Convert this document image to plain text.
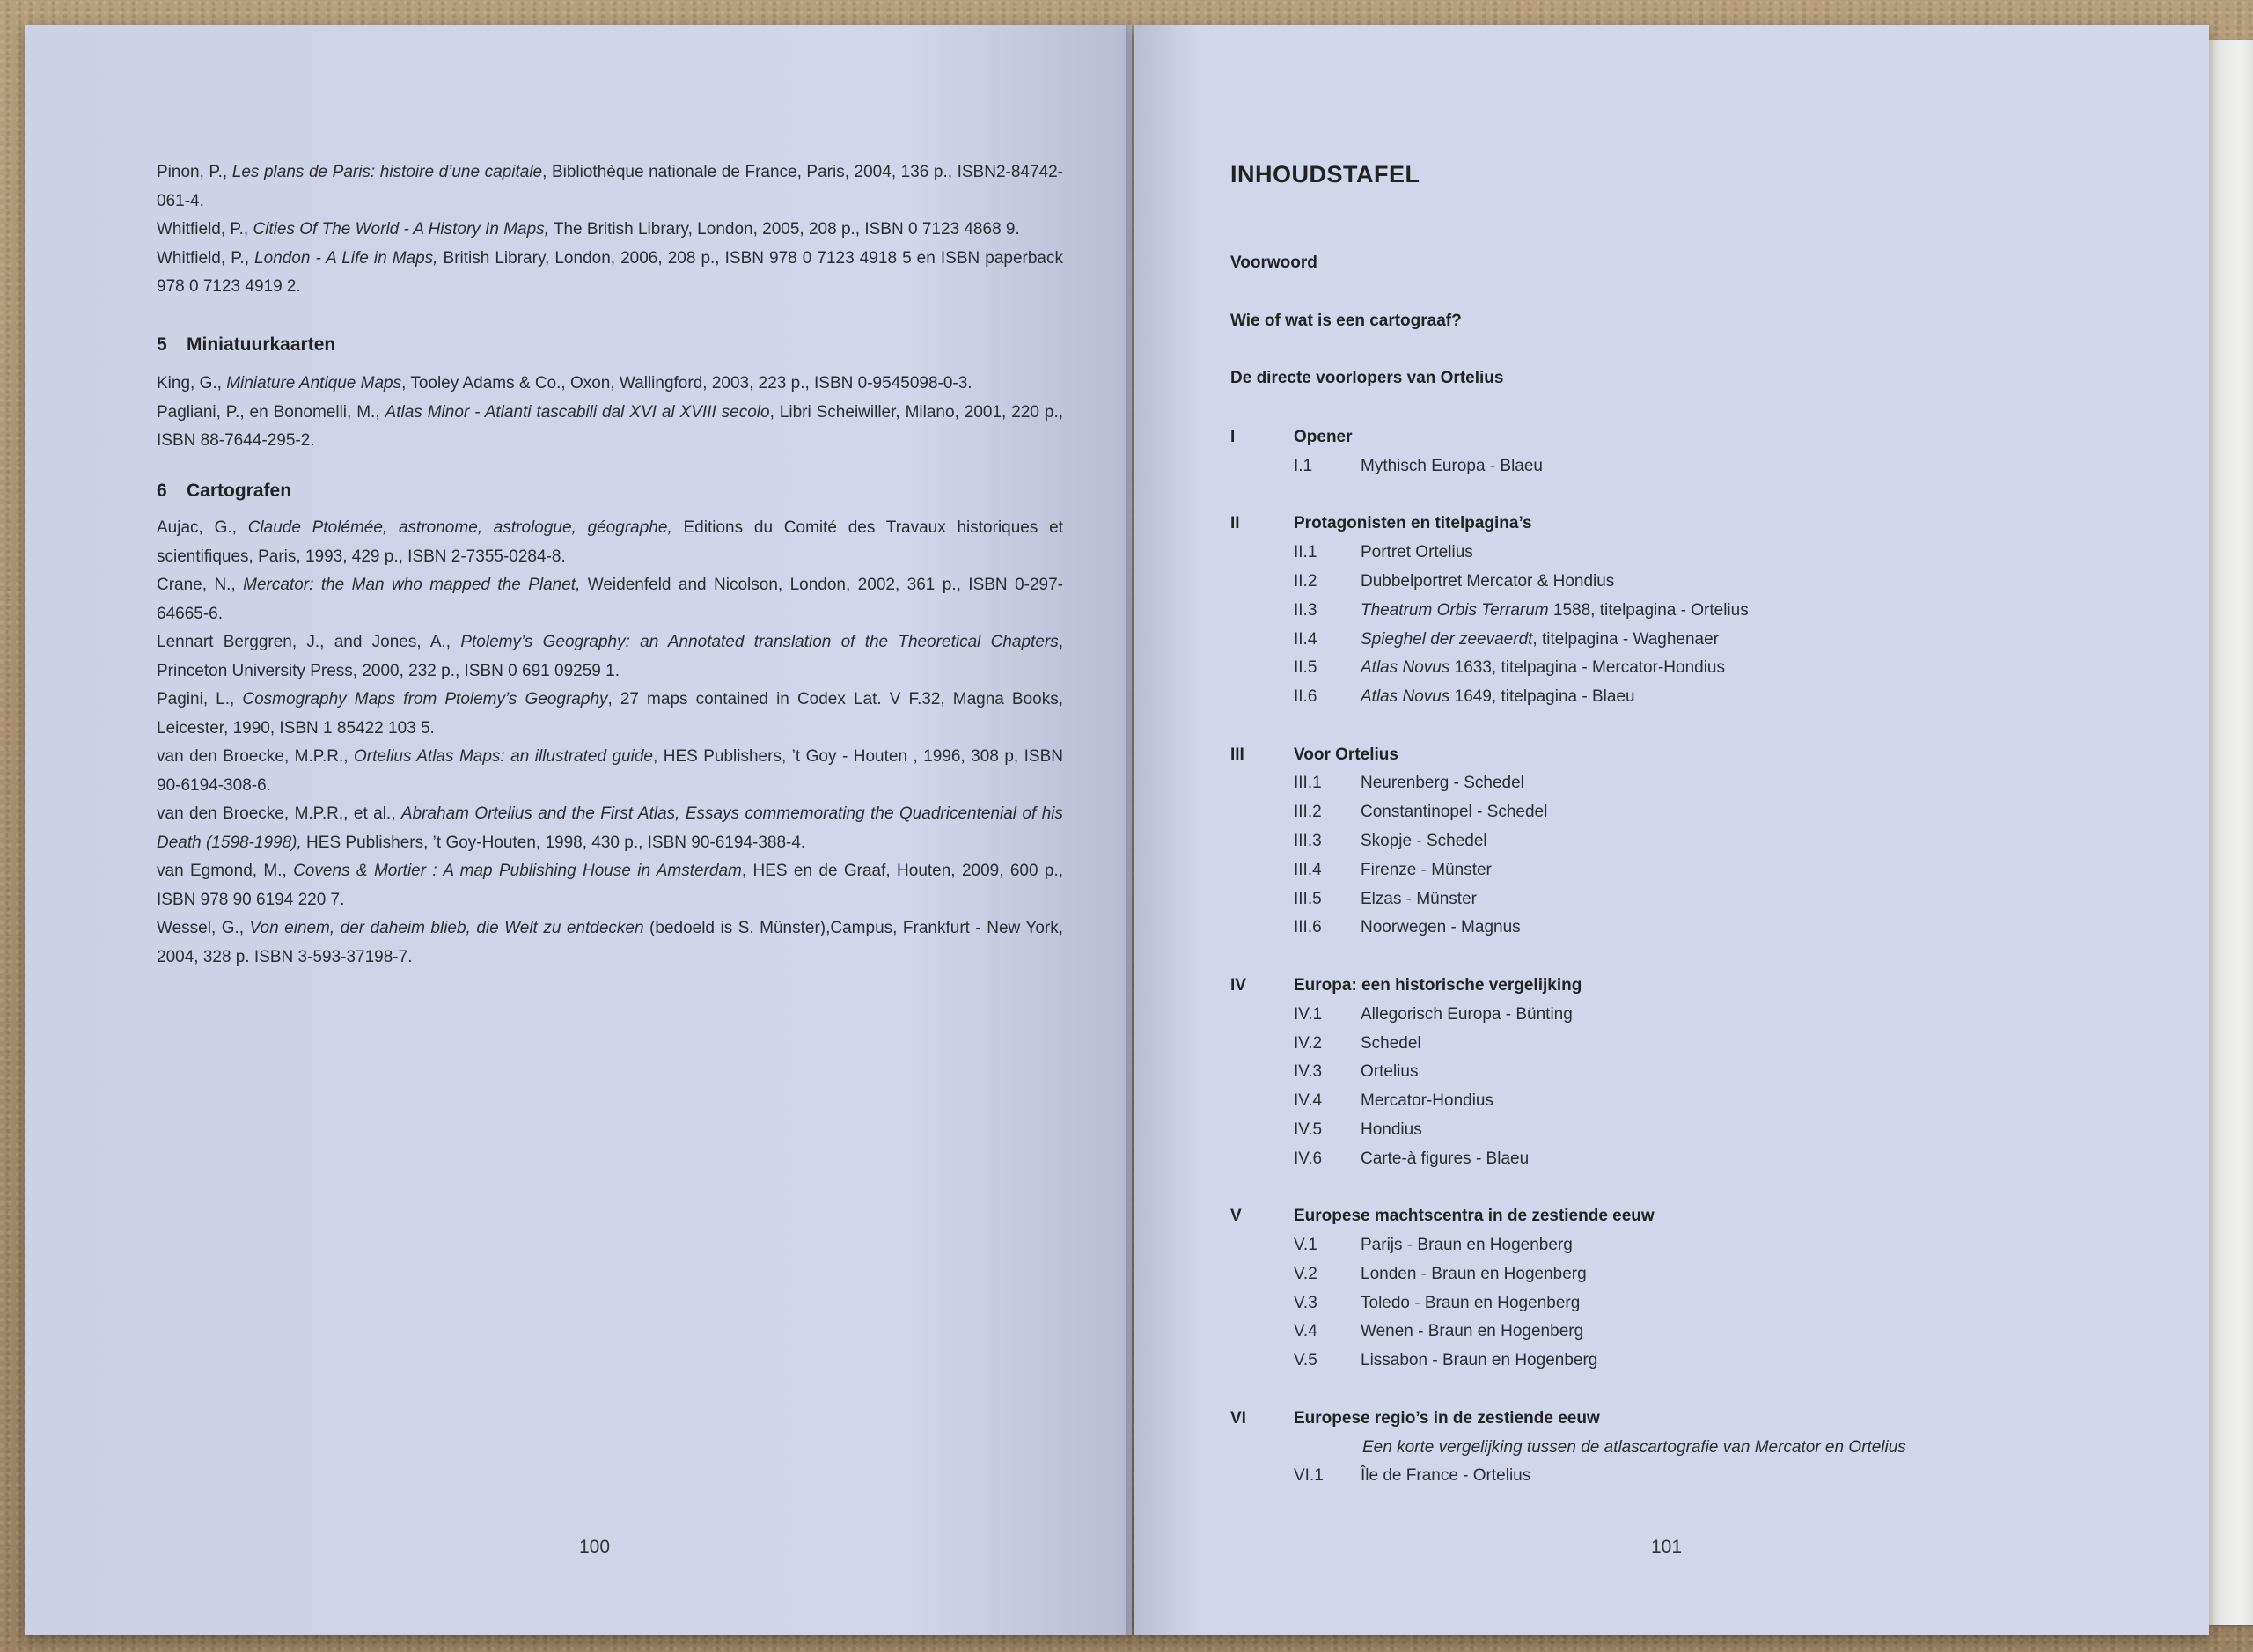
Pinon, P., Les plans de Paris: histoire d’une capitale, Bibliothèque nationale de France, Paris, 2004, 136 p., ISBN2-84742-061-4.

Whitfield, P., Cities Of The World - A History In Maps, The British Library, London, 2005, 208 p., ISBN 0 7123 4868 9.

Whitfield, P., London - A Life in Maps, British Library, London, 2006, 208 p., ISBN 978 0 7123 4918 5 en ISBN paperback 978 0 7123 4919 2.

5 Miniatuurkaarten

King, G., Miniature Antique Maps, Tooley Adams & Co., Oxon, Wallingford, 2003, 223 p., ISBN 0-9545098-0-3.

Pagliani, P., en Bonomelli, M., Atlas Minor - Atlanti tascabili dal XVI al XVIII secolo, Libri Scheiwiller, Milano, 2001, 220 p., ISBN 88-7644-295-2.

6 Cartografen

Aujac, G., Claude Ptolémée, astronome, astrologue, géographe, Editions du Comité des Travaux historiques et scientifiques, Paris, 1993, 429 p., ISBN 2-7355-0284-8.

Crane, N., Mercator: the Man who mapped the Planet, Weidenfeld and Nicolson, London, 2002, 361 p., ISBN 0-297-64665-6.

Lennart Berggren, J., and Jones, A., Ptolemy’s Geography: an Annotated translation of the Theoretical Chapters, Princeton University Press, 2000, 232 p., ISBN 0 691 09259 1.

Pagini, L., Cosmography Maps from Ptolemy’s Geography, 27 maps contained in Codex Lat. V F.32, Magna Books, Leicester, 1990, ISBN 1 85422 103 5.

van den Broecke, M.P.R., Ortelius Atlas Maps: an illustrated guide, HES Publishers, ’t Goy - Houten , 1996, 308 p, ISBN 90-6194-308-6.

van den Broecke, M.P.R., et al., Abraham Ortelius and the First Atlas, Essays commemorating the Quadricentenial of his Death (1598-1998), HES Publishers, ’t Goy-Houten, 1998, 430 p., ISBN 90-6194-388-4.

van Egmond, M., Covens & Mortier : A map Publishing House in Amsterdam, HES en de Graaf, Houten, 2009, 600 p., ISBN 978 90 6194 220 7.

Wessel, G., Von einem, der daheim blieb, die Welt zu entdecken (bedoeld is S. Münster),Campus, Frankfurt - New York, 2004, 328 p. ISBN 3-593-37198-7.

100
INHOUDSTAFEL
Voorwoord
Wie of wat is een cartograaf?
De directe voorlopers van Ortelius
I	Opener
I.1	Mythisch Europa - Blaeu
II	Protagonisten en titelpagina’s
II.1	Portret Ortelius
II.2	Dubbelportret Mercator & Hondius
II.3	Theatrum Orbis Terrarum 1588, titelpagina - Ortelius
II.4	Spieghel der zeevaerdt, titelpagina - Waghenaer
II.5	Atlas Novus 1633, titelpagina - Mercator-Hondius
II.6	Atlas Novus 1649, titelpagina - Blaeu
III	Voor Ortelius
III.1 Neurenberg - Schedel
III.2 Constantinopel - Schedel
III.3 Skopje - Schedel
III.4 Firenze - Münster
III.5 Elzas - Münster
III.6 Noorwegen - Magnus
IV	Europa: een historische vergelijking
IV.1 Allegorisch Europa - Bünting
IV.2 Schedel
IV.3 Ortelius
IV.4 Mercator-Hondius
IV.5 Hondius
IV.6 Carte-à figures - Blaeu
V	Europese machtscentra in de zestiende eeuw
V.1	Parijs - Braun en Hogenberg
V.2	Londen - Braun en Hogenberg
V.3	Toledo - Braun en Hogenberg
V.4	Wenen - Braun en Hogenberg
V.5	Lissabon - Braun en Hogenberg
VI	Europese regio’s in de zestiende eeuw
Een korte vergelijking tussen de atlascartografie van Mercator en Ortelius
VI.1 Île de France - Ortelius
101
